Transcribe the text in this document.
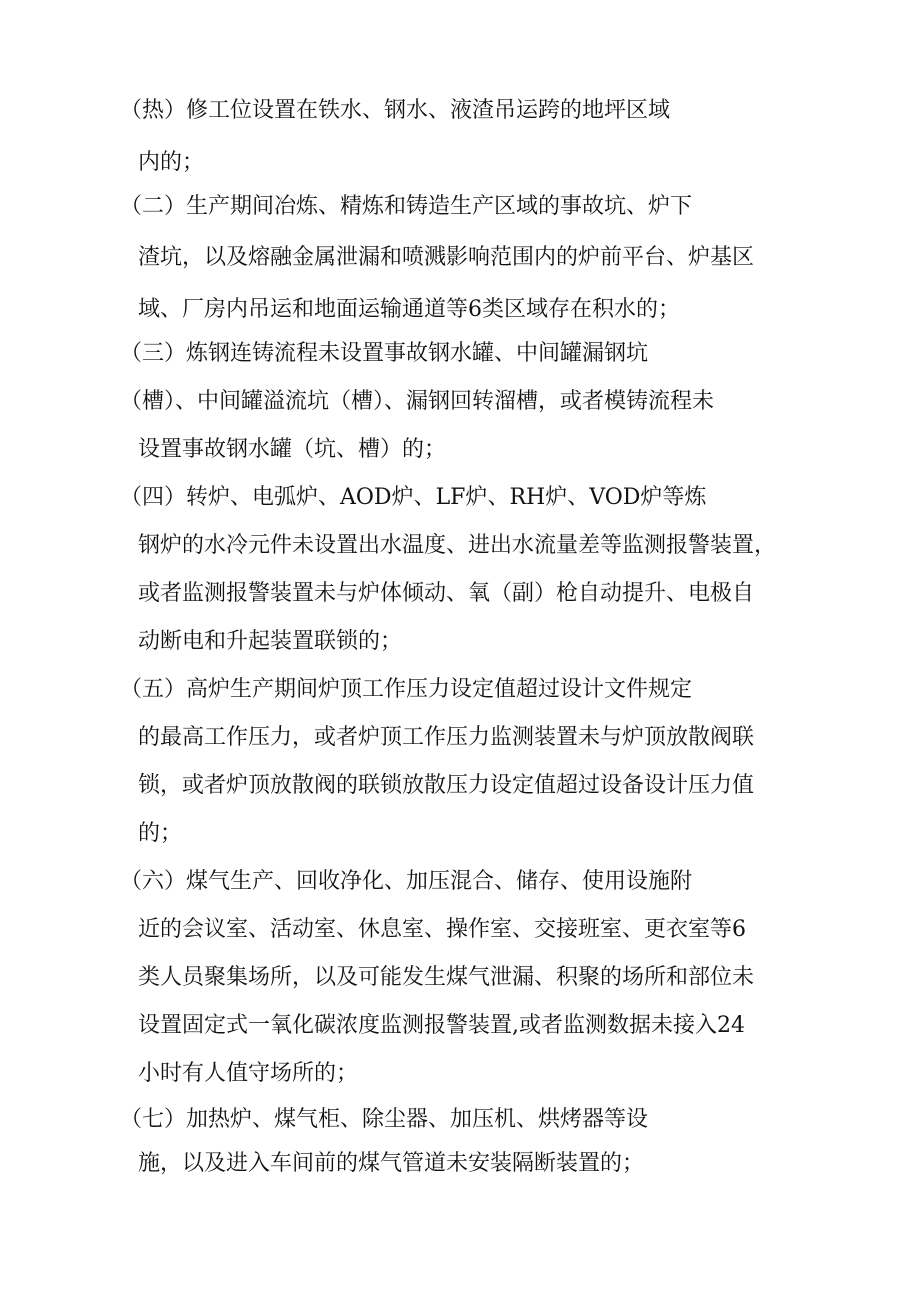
（热）修工位设置在铁水、钢水、液渣吊运跨的地坪区域
内的；
（二）生产期间冶炼、精炼和铸造生产区域的事故坑、炉下
渣坑，以及熔融金属泄漏和喷溅影响范围内的炉前平台、炉基区
域、厂房内吊运和地面运输通道等6类区域存在积水的；
（三）炼钢连铸流程未设置事故钢水罐、中间罐漏钢坑
（槽）、中间罐溢流坑（槽）、漏钢回转溜槽，或者模铸流程未
设置事故钢水罐（坑、槽）的；
（四）转炉、电弧炉、AOD炉、LF炉、RH炉、VOD炉等炼
钢炉的水冷元件未设置出水温度、进出水流量差等监测报警装置，
或者监测报警装置未与炉体倾动、氧（副）枪自动提升、电极自
动断电和升起装置联锁的；
（五）高炉生产期间炉顶工作压力设定值超过设计文件规定
的最高工作压力，或者炉顶工作压力监测装置未与炉顶放散阀联
锁，或者炉顶放散阀的联锁放散压力设定值超过设备设计压力值
的；
（六）煤气生产、回收净化、加压混合、储存、使用设施附
近的会议室、活动室、休息室、操作室、交接班室、更衣室等6
类人员聚集场所，以及可能发生煤气泄漏、积聚的场所和部位未
设置固定式一氧化碳浓度监测报警装置,或者监测数据未接入24
小时有人值守场所的；
（七）加热炉、煤气柜、除尘器、加压机、烘烤器等设
施，以及进入车间前的煤气管道未安装隔断装置的；
